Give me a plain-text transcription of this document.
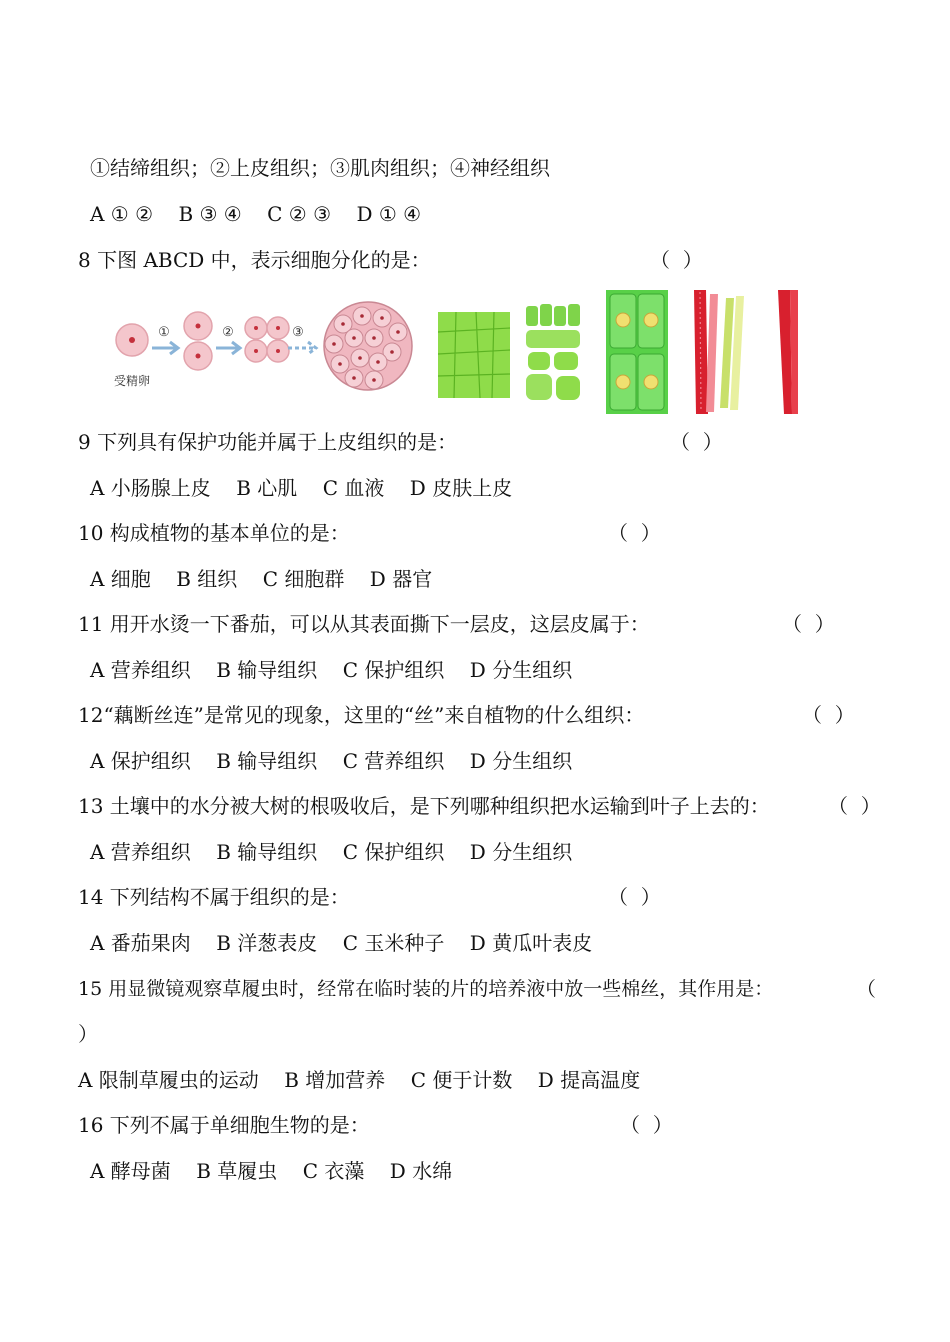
①结缔组织；②上皮组织；③肌肉组织；④神经组织
A ① ②    B ③ ④    C ② ③    D ① ④
8 下图 ABCD 中，表示细胞分化的是：	（  ）
受精卵
①	②	③
9 下列具有保护功能并属于上皮组织的是：	（  ）
A 小肠腺上皮    B 心肌    C 血液    D 皮肤上皮
10 构成植物的基本单位的是：	（  ）
A 细胞    B 组织    C 细胞群    D 器官
11 用开水烫一下番茄，可以从其表面撕下一层皮，这层皮属于：	（  ）
A 营养组织    B 输导组织    C 保护组织    D 分生组织
12“藕断丝连”是常见的现象，这里的“丝”来自植物的什么组织：	（  ）
A 保护组织    B 输导组织    C 营养组织    D 分生组织
13 土壤中的水分被大树的根吸收后，是下列哪种组织把水运输到叶子上去的：	（  ）
A 营养组织    B 输导组织    C 保护组织    D 分生组织
14 下列结构不属于组织的是：	（  ）
A 番茄果肉    B 洋葱表皮    C 玉米种子    D 黄瓜叶表皮
15 用显微镜观察草履虫时，经常在临时装的片的培养液中放一些棉丝，其作用是：	（
）
A 限制草履虫的运动    B 增加营养    C 便于计数    D 提高温度
16 下列不属于单细胞生物的是：	（  ）
A 酵母菌    B 草履虫    C 衣藻    D 水绵
